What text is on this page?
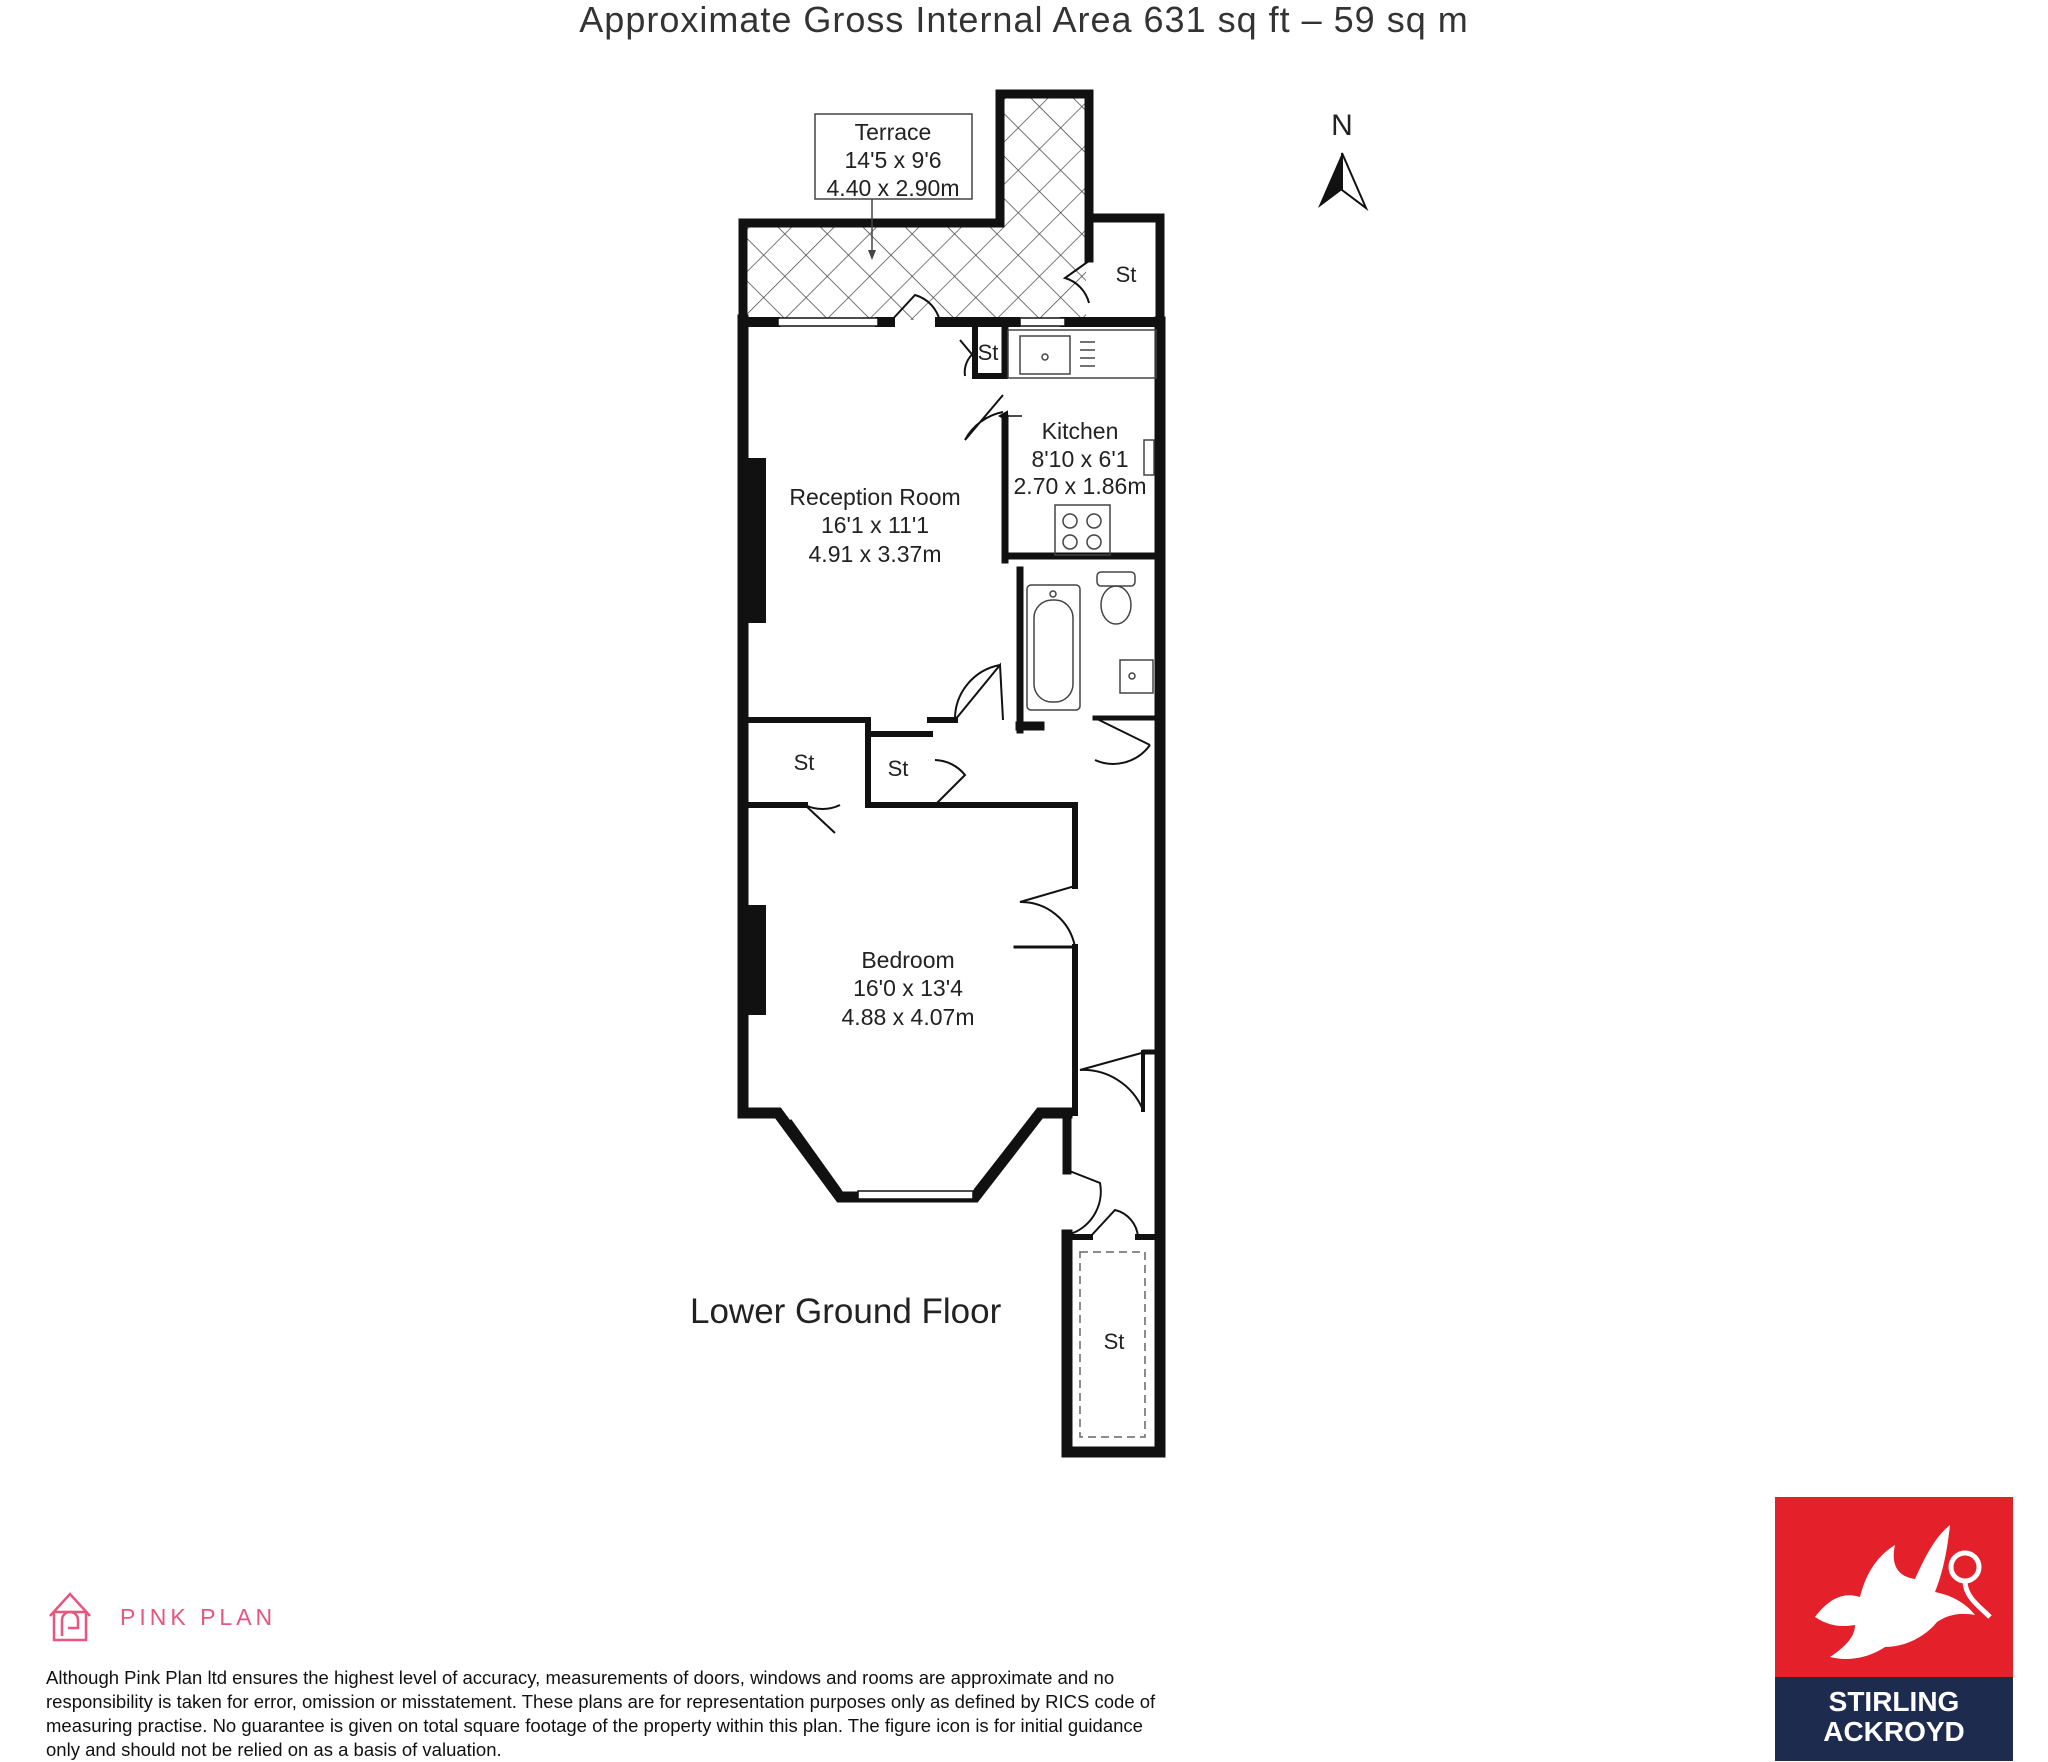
Approximate Gross Internal Area 631 sq ft – 59 sq m
Terrace
14'5 x 9'6
4.40 x 2.90m
Reception Room
16'1 x 11'1
4.91 x 3.37m
Kitchen
8'10 x 6'1
2.70 x 1.86m
Bedroom
16'0 x 13'4
4.88 x 4.07m
St
St
St	St
St
N
Lower Ground Floor
PINK PLAN
Although Pink Plan ltd ensures the highest level of accuracy, measurements of doors, windows and rooms are approximate and no responsibility is taken for error, omission or misstatement. These plans are for representation purposes only as defined by RICS code of measuring practise. No guarantee is given on total square footage of the property within this plan. The figure icon is for initial guidance only and should not be relied on as a basis of valuation.
STIRLING
ACKROYD
